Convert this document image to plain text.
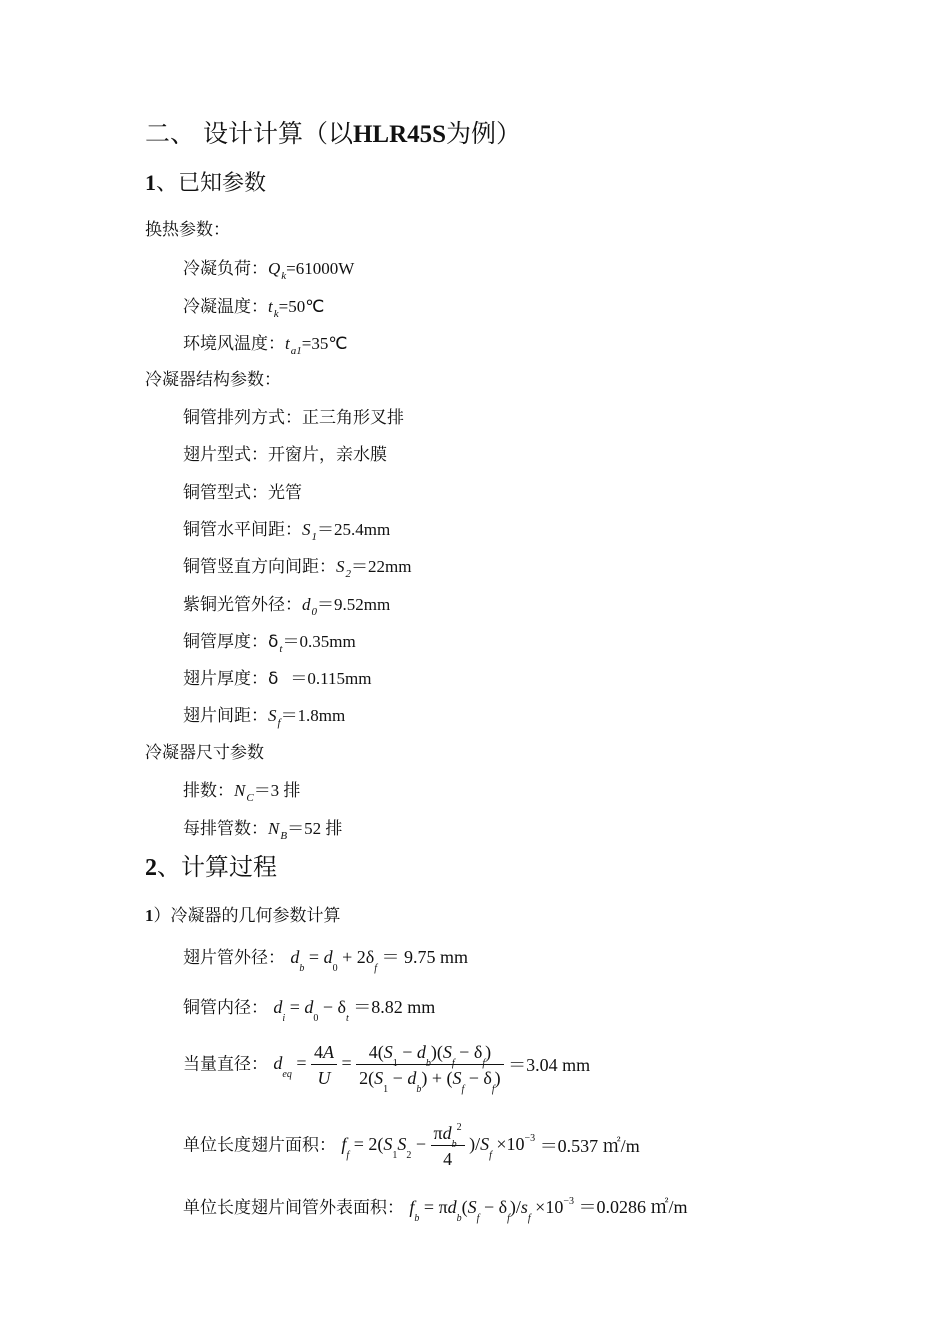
二、 设计计算（以HLR45S为例）
1、已知参数
换热参数：
冷凝负荷：$Q_k=61000W$
冷凝温度：$t_k=50℃$
环境风温度：$t_{a1}=35℃$
冷凝器结构参数：
铜管排列方式：正三角形叉排
翅片型式：开窗片，亲水膜
铜管型式：光管
铜管水平间距：$S_1=25.4mm$
铜管竖直方向间距：$S_2=22mm$
紫铜光管外径：$d_0=9.52mm$
铜管厚度：$\delta_t=0.35mm$
翅片厚度：δ ＝0.115mm
翅片间距：$S_f=1.8mm$
冷凝器尺寸参数
排数：$N_C=3$ 排
每排管数：$N_B=52$ 排
2、计算过程
1）冷凝器的几何参数计算
翅片管外径： $d_b = d_0 + 2\delta_f = 9.75$ mm
铜管内径： $d_i = d_0 - \delta_t =8.82$ mm
当量直径： $d_{eq} = \frac{4A}{U} = \frac{4(S_1 - d_b)(S_f - \delta_f)}{2(S_1 - d_b) + (S_f - \delta_f)} =3.04$ mm
单位长度翅片面积： $f_f = 2(S_1S_2 - \frac{\pi d_b^2}{4} )/S_f \times 10^{-3} =0.537$ ㎡/m
单位长度翅片间管外表面积： $f_b = \pi d_b(S_f - \delta_f)/s_f \times 10^{-3} =0.0286$ ㎡/m
